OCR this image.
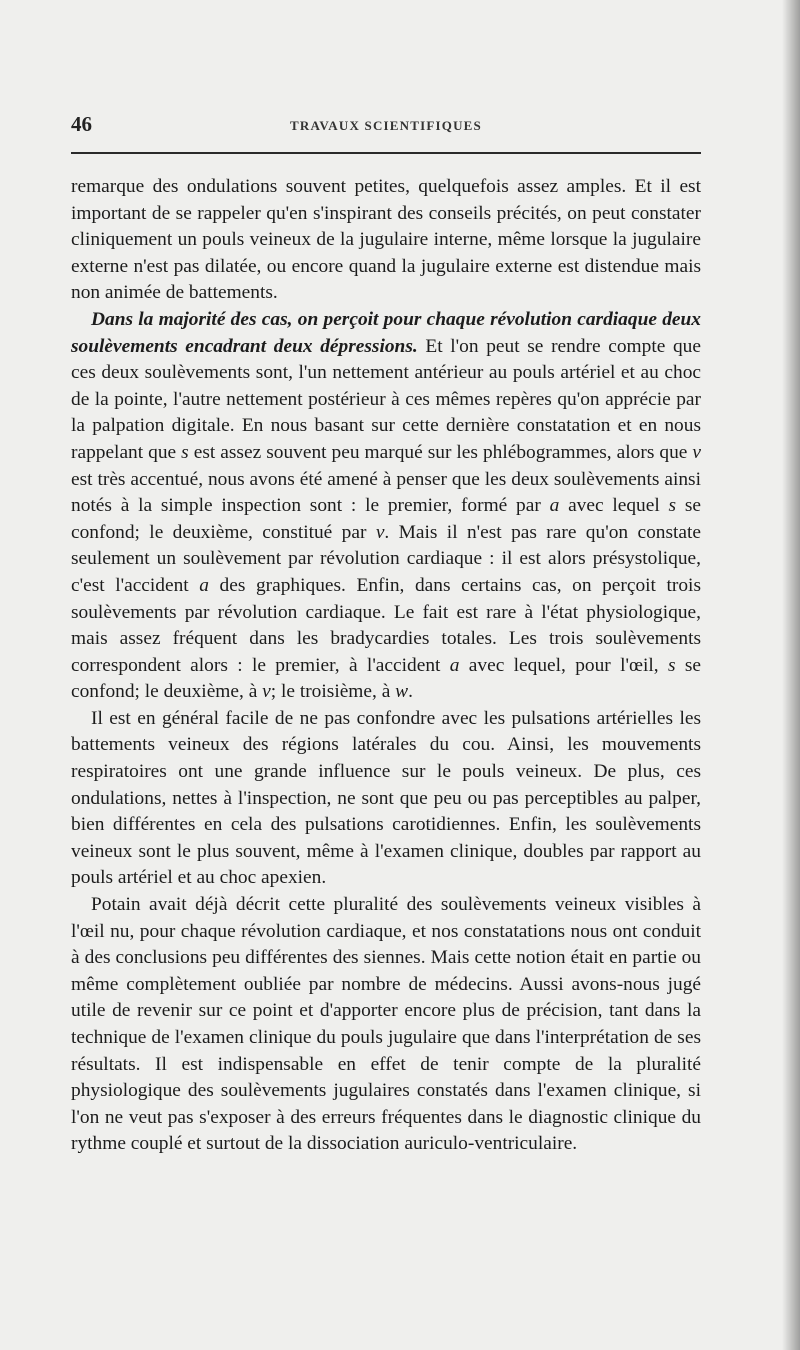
46	TRAVAUX SCIENTIFIQUES

remarque des ondulations souvent petites, quelquefois assez amples. Et il est important de se rappeler qu'en s'inspirant des conseils précités, on peut constater cliniquement un pouls veineux de la jugulaire interne, même lorsque la jugulaire externe n'est pas dilatée, ou encore quand la jugulaire externe est distendue mais non animée de battements.

Dans la majorité des cas, on perçoit pour chaque révolution cardiaque deux soulèvements encadrant deux dépressions. Et l'on peut se rendre compte que ces deux soulèvements sont, l'un nettement antérieur au pouls artériel et au choc de la pointe, l'autre nettement postérieur à ces mêmes repères qu'on apprécie par la palpation digitale. En nous basant sur cette dernière constatation et en nous rappelant que s est assez souvent peu marqué sur les phlébogrammes, alors que v est très accentué, nous avons été amené à penser que les deux soulèvements ainsi notés à la simple inspection sont : le premier, formé par a avec lequel s se confond; le deuxième, constitué par v. Mais il n'est pas rare qu'on constate seulement un soulèvement par révolution cardiaque : il est alors présystolique, c'est l'accident a des graphiques. Enfin, dans certains cas, on perçoit trois soulèvements par révolution cardiaque. Le fait est rare à l'état physiologique, mais assez fréquent dans les bradycardies totales. Les trois soulèvements correspondent alors : le premier, à l'accident a avec lequel, pour l'œil, s se confond; le deuxième, à v; le troisième, à w.

Il est en général facile de ne pas confondre avec les pulsations artérielles les battements veineux des régions latérales du cou. Ainsi, les mouvements respiratoires ont une grande influence sur le pouls veineux. De plus, ces ondulations, nettes à l'inspection, ne sont que peu ou pas perceptibles au palper, bien différentes en cela des pulsations carotidiennes. Enfin, les soulèvements veineux sont le plus souvent, même à l'examen clinique, doubles par rapport au pouls artériel et au choc apexien.

Potain avait déjà décrit cette pluralité des soulèvements veineux visibles à l'œil nu, pour chaque révolution cardiaque, et nos constatations nous ont conduit à des conclusions peu différentes des siennes. Mais cette notion était en partie ou même complètement oubliée par nombre de médecins. Aussi avons-nous jugé utile de revenir sur ce point et d'apporter encore plus de précision, tant dans la technique de l'examen clinique du pouls jugulaire que dans l'interprétation de ses résultats. Il est indispensable en effet de tenir compte de la pluralité physiologique des soulèvements jugulaires constatés dans l'examen clinique, si l'on ne veut pas s'exposer à des erreurs fréquentes dans le diagnostic clinique du rythme couplé et surtout de la dissociation auriculo-ventriculaire.
